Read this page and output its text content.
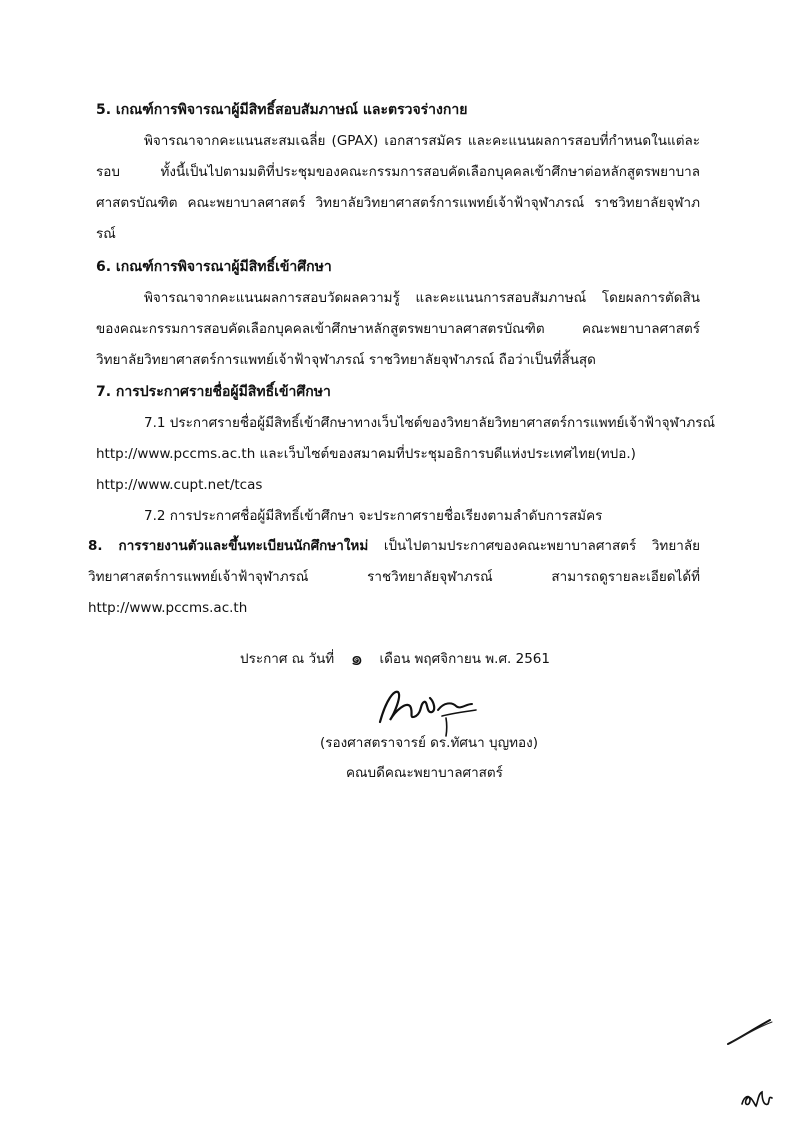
5. เกณฑ์การพิจารณาผู้มีสิทธิ์สอบสัมภาษณ์ และตรวจร่างกาย

พิจารณาจากคะแนนสะสมเฉลี่ย (GPAX) เอกสารสมัคร และคะแนนผลการสอบที่กำหนดในแต่ละรอบ ทั้งนี้เป็นไปตามมติที่ประชุมของคณะกรรมการสอบคัดเลือกบุคคลเข้าศึกษาต่อหลักสูตรพยาบาลศาสตรบัณฑิต คณะพยาบาลศาสตร์ วิทยาลัยวิทยาศาสตร์การแพทย์เจ้าฟ้าจุฬาภรณ์ ราชวิทยาลัยจุฬาภรณ์

6. เกณฑ์การพิจารณาผู้มีสิทธิ์เข้าศึกษา

พิจารณาจากคะแนนผลการสอบวัดผลความรู้ และคะแนนการสอบสัมภาษณ์ โดยผลการตัดสินของคณะกรรมการสอบคัดเลือกบุคคลเข้าศึกษาหลักสูตรพยาบาลศาสตรบัณฑิต คณะพยาบาลศาสตร์ วิทยาลัยวิทยาศาสตร์การแพทย์เจ้าฟ้าจุฬาภรณ์ ราชวิทยาลัยจุฬาภรณ์ ถือว่าเป็นที่สิ้นสุด

7. การประกาศรายชื่อผู้มีสิทธิ์เข้าศึกษา

7.1 ประกาศรายชื่อผู้มีสิทธิ์เข้าศึกษาทางเว็บไซต์ของวิทยาลัยวิทยาศาสตร์การแพทย์เจ้าฟ้าจุฬาภรณ์

http://www.pccms.ac.th และเว็บไซต์ของสมาคมที่ประชุมอธิการบดีแห่งประเทศไทย(ทปอ.)

http://www.cupt.net/tcas

7.2 การประกาศชื่อผู้มีสิทธิ์เข้าศึกษา จะประกาศรายชื่อเรียงตามลำดับการสมัคร

8. การรายงานตัวและขึ้นทะเบียนนักศึกษาใหม่ เป็นไปตามประกาศของคณะพยาบาลศาสตร์ วิทยาลัยวิทยาศาสตร์การแพทย์เจ้าฟ้าจุฬาภรณ์ ราชวิทยาลัยจุฬาภรณ์ สามารถดูรายละเอียดได้ที่ http://www.pccms.ac.th

ประกาศ ณ วันที่ ๑ เดือน พฤศจิกายน พ.ศ. 2561
(รองศาสตราจารย์ ดร.ทัศนา บุญทอง)
คณบดีคณะพยาบาลศาสตร์
